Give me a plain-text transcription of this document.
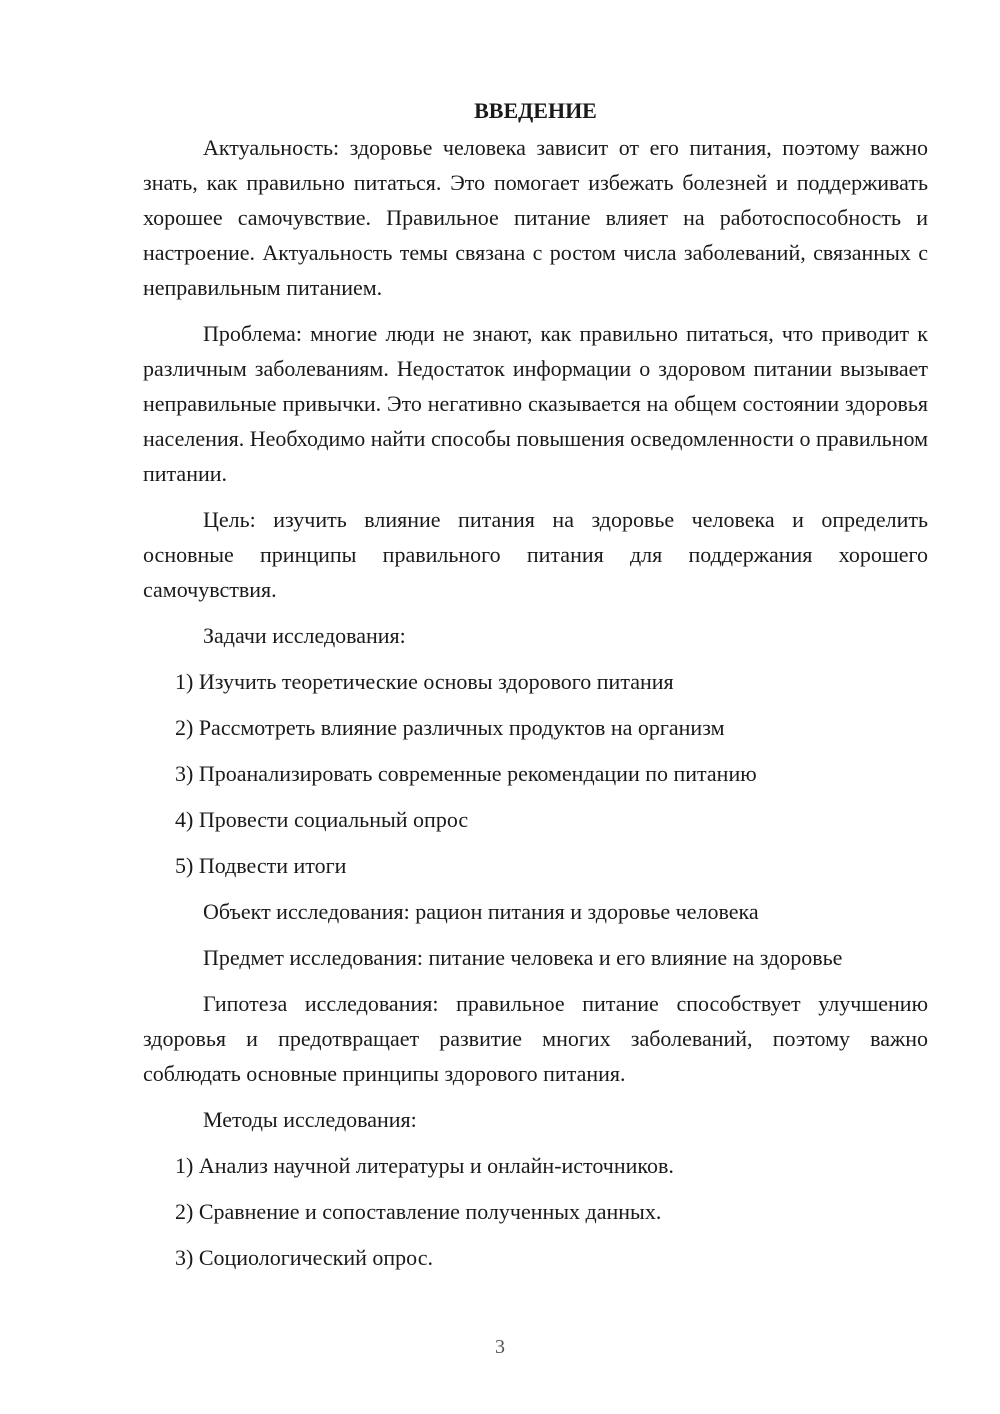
ВВЕДЕНИЕ

Актуальность: здоровье человека зависит от его питания, поэтому важно знать, как правильно питаться. Это помогает избежать болезней и поддерживать хорошее самочувствие. Правильное питание влияет на работоспособность и настроение. Актуальность темы связана с ростом числа заболеваний, связанных с неправильным питанием.

Проблема: многие люди не знают, как правильно питаться, что приводит к различным заболеваниям. Недостаток информации о здоровом питании вызывает неправильные привычки. Это негативно сказывается на общем состоянии здоровья населения. Необходимо найти способы повышения осведомленности о правильном питании.

Цель: изучить влияние питания на здоровье человека и определить основные принципы правильного питания для поддержания хорошего самочувствия.

Задачи исследования:

1) Изучить теоретические основы здорового питания

2) Рассмотреть влияние различных продуктов на организм

3) Проанализировать современные рекомендации по питанию

4) Провести социальный опрос

5) Подвести итоги

Объект исследования: рацион питания и здоровье человека

Предмет исследования: питание человека и его влияние на здоровье

Гипотеза исследования: правильное питание способствует улучшению здоровья и предотвращает развитие многих заболеваний, поэтому важно соблюдать основные принципы здорового питания.

Методы исследования:

1) Анализ научной литературы и онлайн-источников.

2) Сравнение и сопоставление полученных данных.

3) Социологический опрос.

3
